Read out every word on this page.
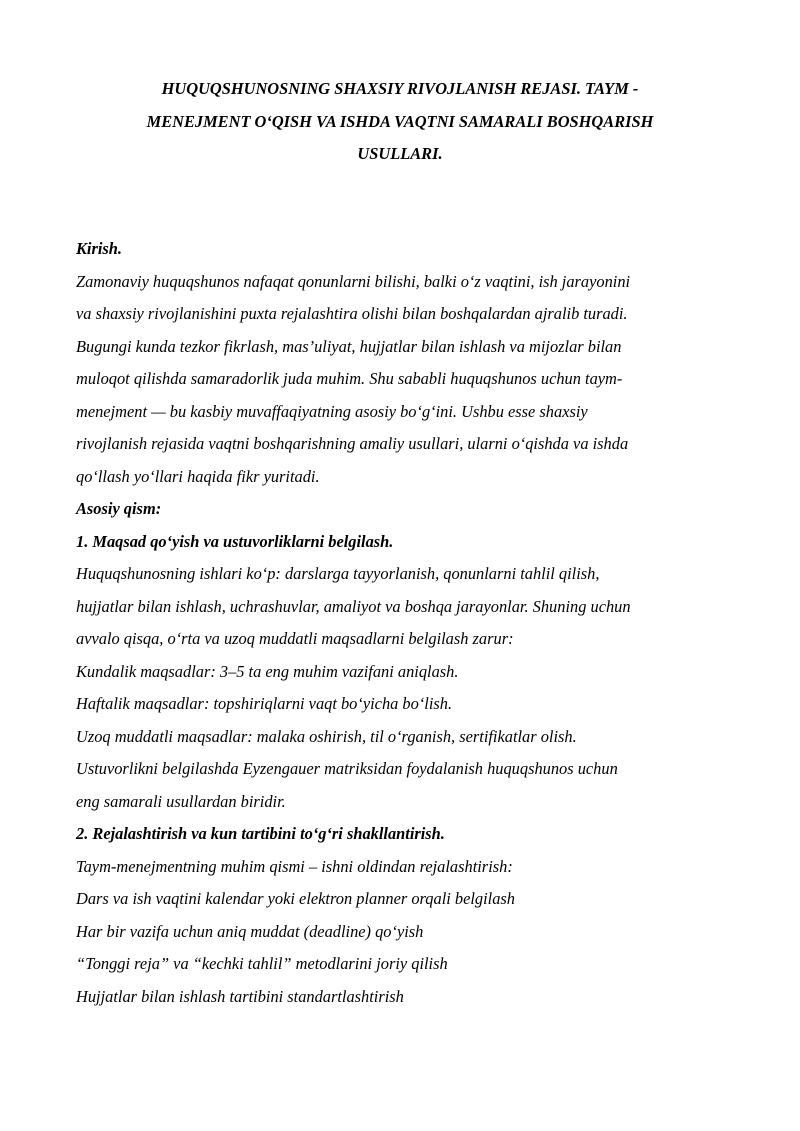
HUQUQSHUNOSNING SHAXSIY RIVOJLANISH REJASI. TAYM -
MENEJMENT O‘QISH VA ISHDA VAQTNI SAMARALI BOSHQARISH
USULLARI.
Kirish.
Zamonaviy huquqshunos nafaqat qonunlarni bilishi, balki o‘z vaqtini, ish jarayonini
va shaxsiy rivojlanishini puxta rejalashtira olishi bilan boshqalardan ajralib turadi.
Bugungi kunda tezkor fikrlash, mas’uliyat, hujjatlar bilan ishlash va mijozlar bilan
muloqot qilishda samaradorlik juda muhim. Shu sababli huquqshunos uchun taym-
menejment — bu kasbiy muvaffaqiyatning asosiy bo‘g‘ini. Ushbu esse shaxsiy
rivojlanish rejasida vaqtni boshqarishning amaliy usullari, ularni o‘qishda va ishda
qo‘llash yo‘llari haqida fikr yuritadi.
Asosiy qism:
1. Maqsad qo‘yish va ustuvorliklarni belgilash.
Huquqshunosning ishlari ko‘p: darslarga tayyorlanish, qonunlarni tahlil qilish,
hujjatlar bilan ishlash, uchrashuvlar, amaliyot va boshqa jarayonlar. Shuning uchun
avvalo qisqa, o‘rta va uzoq muddatli maqsadlarni belgilash zarur:
Kundalik maqsadlar: 3–5 ta eng muhim vazifani aniqlash.
Haftalik maqsadlar: topshiriqlarni vaqt bo‘yicha bo‘lish.
Uzoq muddatli maqsadlar: malaka oshirish, til o‘rganish, sertifikatlar olish.
Ustuvorlikni belgilashda Eyzengauer matriksidan foydalanish huquqshunos uchun
eng samarali usullardan biridir.
2. Rejalashtirish va kun tartibini to‘g‘ri shakllantirish.
Taym-menejmentning muhim qismi – ishni oldindan rejalashtirish:
Dars va ish vaqtini kalendar yoki elektron planner orqali belgilash
Har bir vazifa uchun aniq muddat (deadline) qo‘yish
“Tonggi reja” va “kechki tahlil” metodlarini joriy qilish
Hujjatlar bilan ishlash tartibini standartlashtirish
